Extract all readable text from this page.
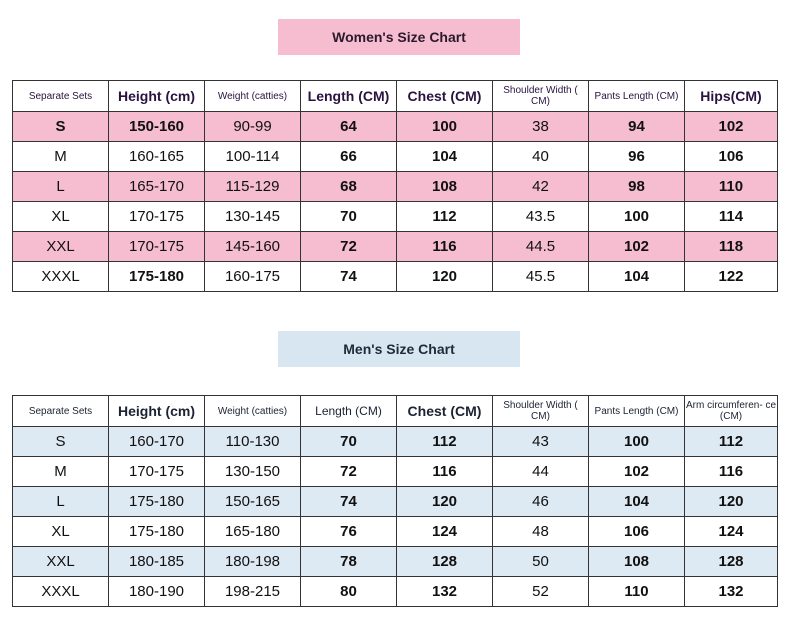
Women's Size Chart
Separate Sets	Height (cm)	Weight (catties)	Length (CM)	Chest (CM)	Shoulder Width ( CM)	Pants Length (CM)	Hips(CM)
S	150-160	90-99	64	100	38	94	102
M	160-165	100-114	66	104	40	96	106
L	165-170	115-129	68	108	42	98	110
XL	170-175	130-145	70	112	43.5	100	114
XXL	170-175	145-160	72	116	44.5	102	118
XXXL	175-180	160-175	74	120	45.5	104	122
Men's Size Chart
Separate Sets	Height (cm)	Weight (catties)	Length (CM)	Chest (CM)	Shoulder Width ( CM)	Pants Length (CM)	Arm circumferen- ce (CM)
S	160-170	110-130	70	112	43	100	112
M	170-175	130-150	72	116	44	102	116
L	175-180	150-165	74	120	46	104	120
XL	175-180	165-180	76	124	48	106	124
XXL	180-185	180-198	78	128	50	108	128
XXXL	180-190	198-215	80	132	52	110	132
